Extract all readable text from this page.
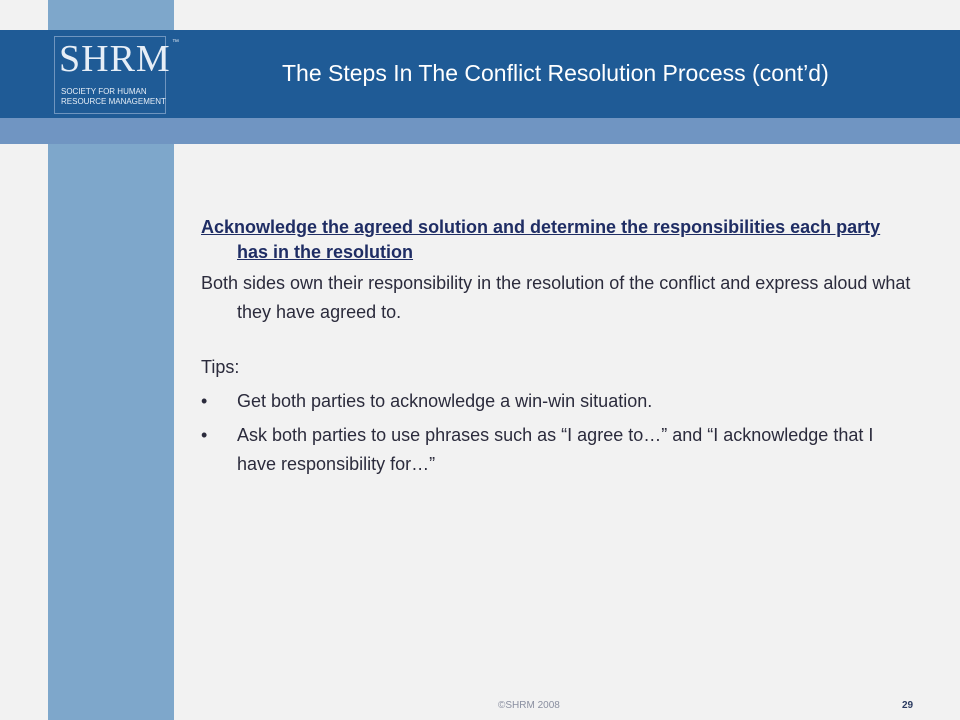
SHRM ™
SOCIETY FOR HUMAN
RESOURCE MANAGEMENT
The Steps In The Conflict Resolution Process (cont’d)

Acknowledge the agreed solution and determine the responsibilities each party has in the resolution

Both sides own their responsibility in the resolution of the conflict and express aloud what they have agreed to.

Tips:

•	Get both parties to acknowledge a win-win situation.
•	Ask both parties to use phrases such as “I agree to…” and “I acknowledge that I have responsibility for…”
©SHRM 2008	29
